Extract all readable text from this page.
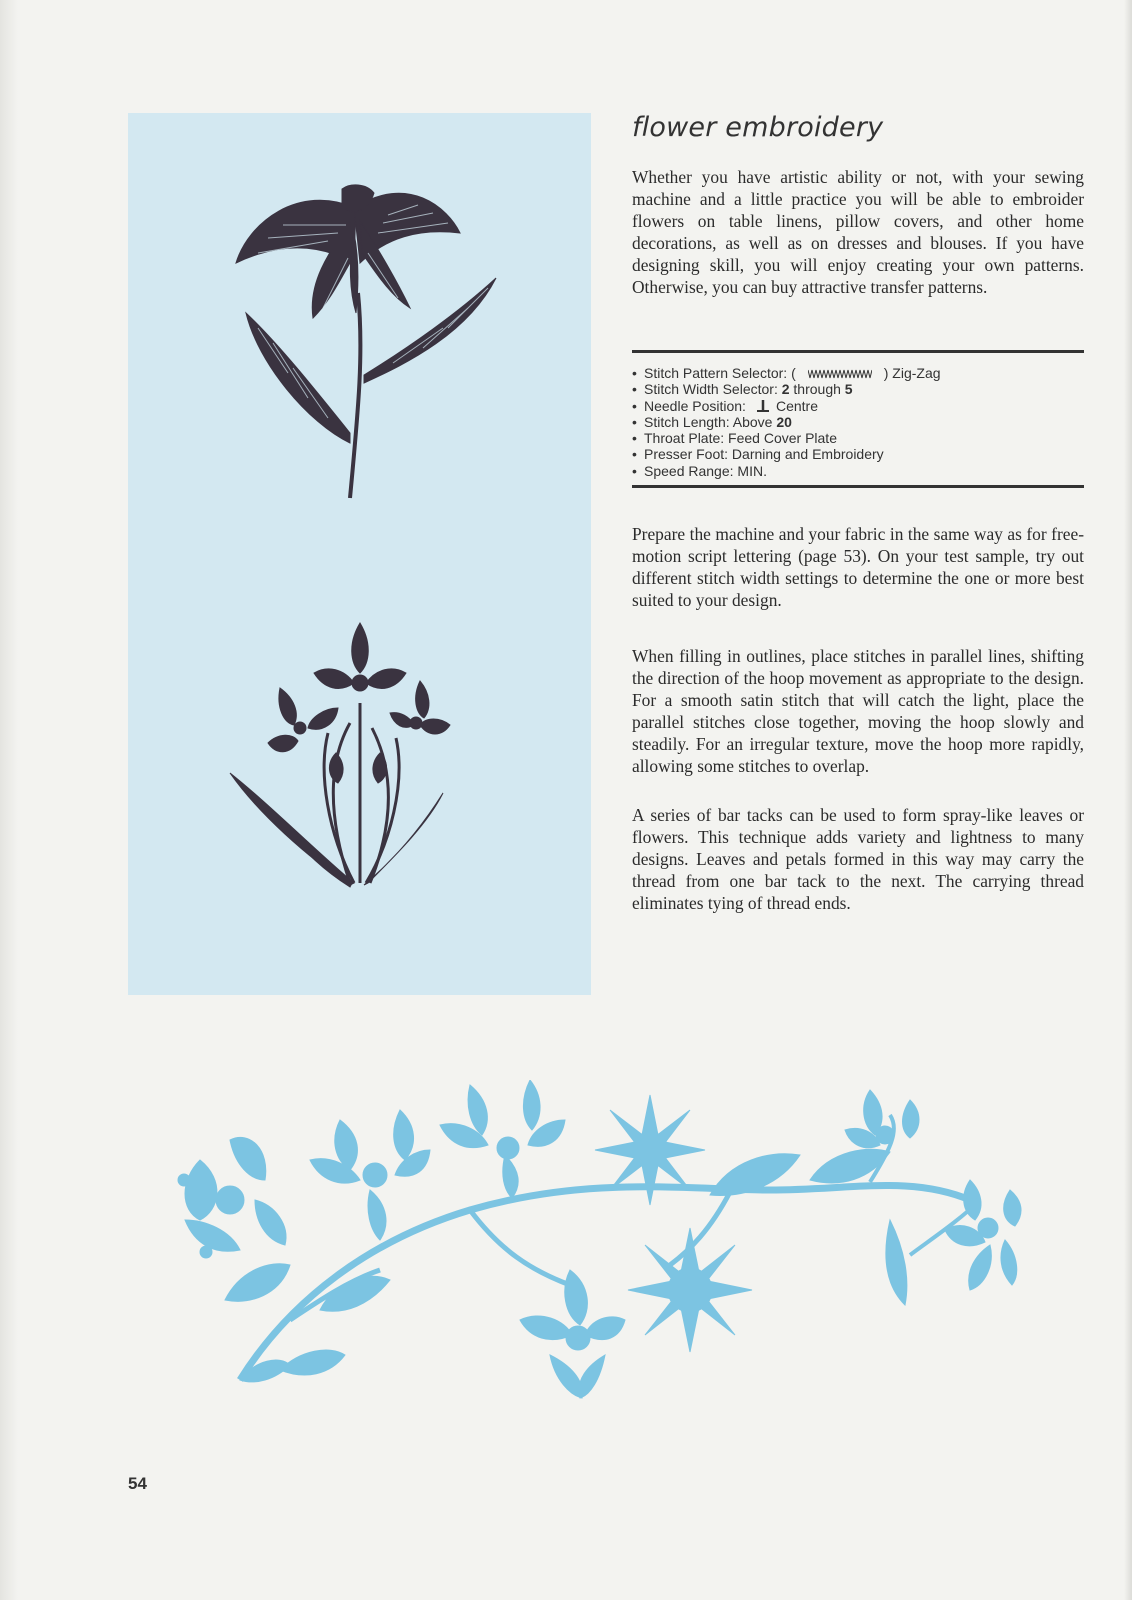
flower embroidery

Whether you have artistic ability or not, with your sewing machine and a little practice you will be able to embroider flowers on table linens, pillow covers, and other home decorations, as well as on dresses and blouses. If you have designing skill, you will enjoy creating your own patterns. Otherwise, you can buy attractive transfer patterns.

• Stitch Pattern Selector: (	) Zig-Zag
• Stitch Width Selector: 2 through 5
• Needle Position: Centre
• Stitch Length: Above 20
• Throat Plate: Feed Cover Plate
• Presser Foot: Darning and Embroidery
• Speed Range: MIN.

Prepare the machine and your fabric in the same way as for free-motion script lettering (page 53). On your test sample, try out different stitch width settings to determine the one or more best suited to your design.

When filling in outlines, place stitches in parallel lines, shifting the direction of the hoop movement as appropriate to the design. For a smooth satin stitch that will catch the light, place the parallel stitches close together, moving the hoop slowly and steadily. For an irregular texture, move the hoop more rapidly, allowing some stitches to overlap.

A series of bar tacks can be used to form spray-like leaves or flowers. This technique adds variety and lightness to many designs. Leaves and petals formed in this way may carry the thread from one bar tack to the next. The carrying thread eliminates tying of thread ends.

54
